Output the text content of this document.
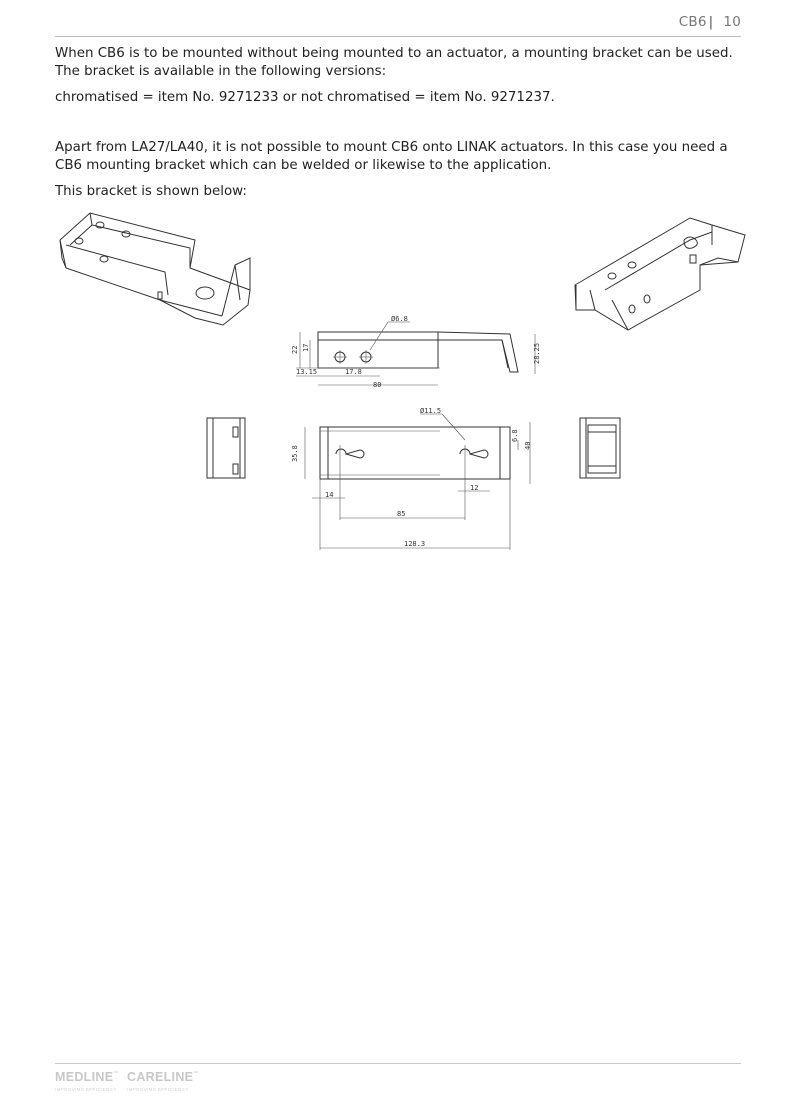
CB6 | 10
When CB6 is to be mounted without being mounted to an actuator, a mounting bracket can be used. The bracket is available in the following versions:
chromatised = item No. 9271233 or not chromatised = item No. 9271237.
Apart from LA27/LA40, it is not possible to mount CB6 onto LINAK actuators. In this case you need a CB6 mounting bracket which can be welded or likewise to the application.
This bracket is shown below:
Ø6.8
22 17
13.15	17.8
80
28.25
Ø11.5
35.8	40
6.8
12
14
85
128.3
MEDLINE™
IMPROVING EFFICIENCY
CARELINE™
IMPROVING EFFICIENCY
